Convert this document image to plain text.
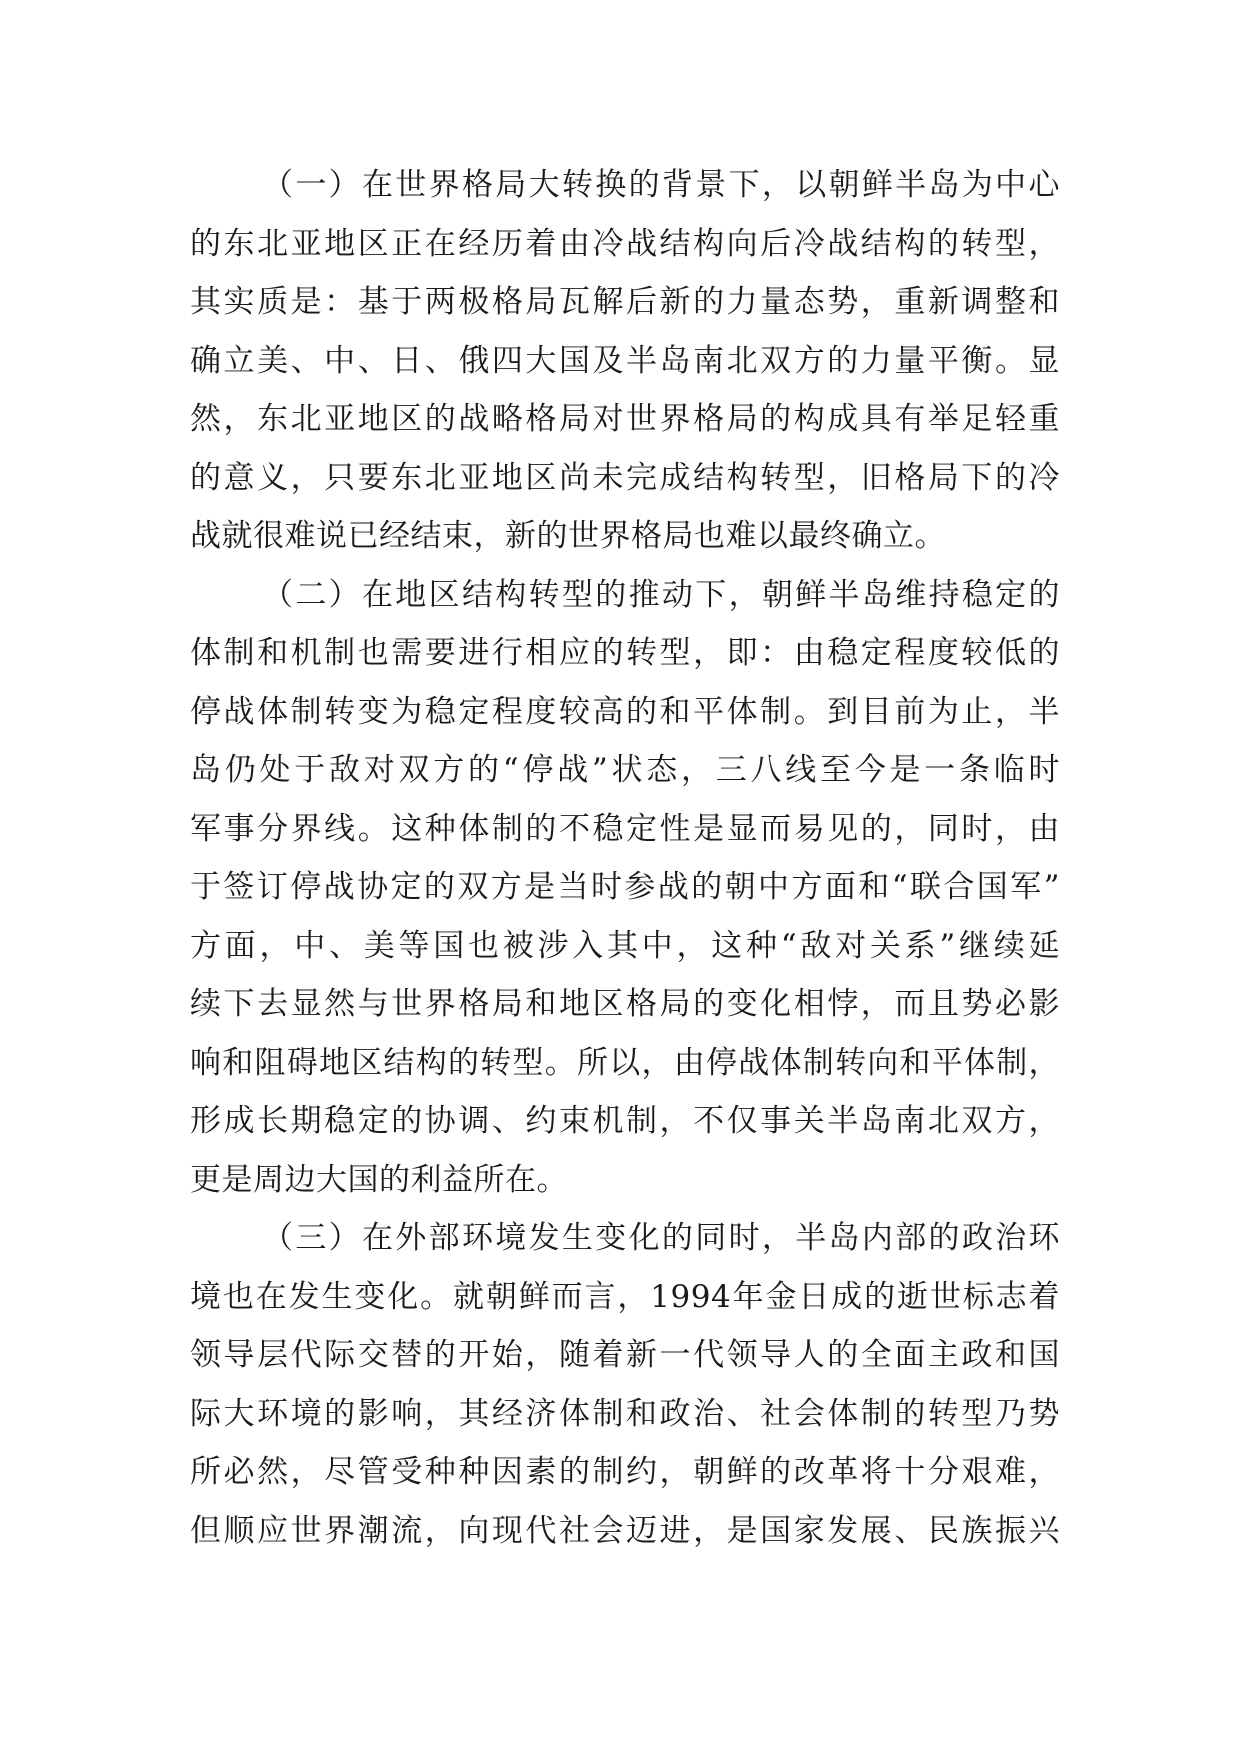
（一）在世界格局大转换的背景下，以朝鲜半岛为中心
的东北亚地区正在经历着由冷战结构向后冷战结构的转型，
其实质是：基于两极格局瓦解后新的力量态势，重新调整和
确立美、中、日、俄四大国及半岛南北双方的力量平衡。显
然，东北亚地区的战略格局对世界格局的构成具有举足轻重
的意义，只要东北亚地区尚未完成结构转型，旧格局下的冷
战就很难说已经结束，新的世界格局也难以最终确立。
（二）在地区结构转型的推动下，朝鲜半岛维持稳定的
体制和机制也需要进行相应的转型，即：由稳定程度较低的
停战体制转变为稳定程度较高的和平体制。到目前为止，半
岛仍处于敌对双方的“停战”状态，三八线至今是一条临时
军事分界线。这种体制的不稳定性是显而易见的，同时，由
于签订停战协定的双方是当时参战的朝中方面和“联合国军”
方面，中、美等国也被涉入其中，这种“敌对关系”继续延
续下去显然与世界格局和地区格局的变化相悖，而且势必影
响和阻碍地区结构的转型。所以，由停战体制转向和平体制，
形成长期稳定的协调、约束机制，不仅事关半岛南北双方，
更是周边大国的利益所在。
（三）在外部环境发生变化的同时，半岛内部的政治环
境也在发生变化。就朝鲜而言，1994年金日成的逝世标志着
领导层代际交替的开始，随着新一代领导人的全面主政和国
际大环境的影响，其经济体制和政治、社会体制的转型乃势
所必然，尽管受种种因素的制约，朝鲜的改革将十分艰难，
但顺应世界潮流，向现代社会迈进，是国家发展、民族振兴
